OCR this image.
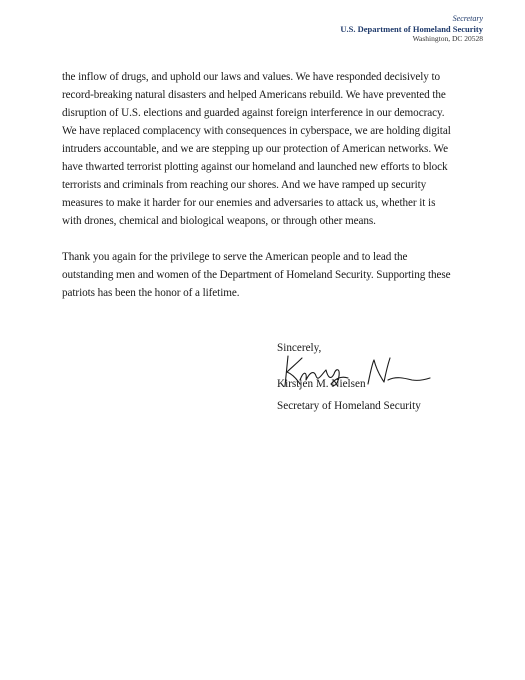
Secretary
U.S. Department of Homeland Security
Washington, DC 20528

the inflow of drugs, and uphold our laws and values. We have responded decisively to
record-breaking natural disasters and helped Americans rebuild. We have prevented the
disruption of U.S. elections and guarded against foreign interference in our democracy.
We have replaced complacency with consequences in cyberspace, we are holding digital
intruders accountable, and we are stepping up our protection of American networks. We
have thwarted terrorist plotting against our homeland and launched new efforts to block
terrorists and criminals from reaching our shores. And we have ramped up security
measures to make it harder for our enemies and adversaries to attack us, whether it is
with drones, chemical and biological weapons, or through other means.

Thank you again for the privilege to serve the American people and to lead the
outstanding men and women of the Department of Homeland Security. Supporting these
patriots has been the honor of a lifetime.

Sincerely,
Kirstjen M. Nielsen
Secretary of Homeland Security
